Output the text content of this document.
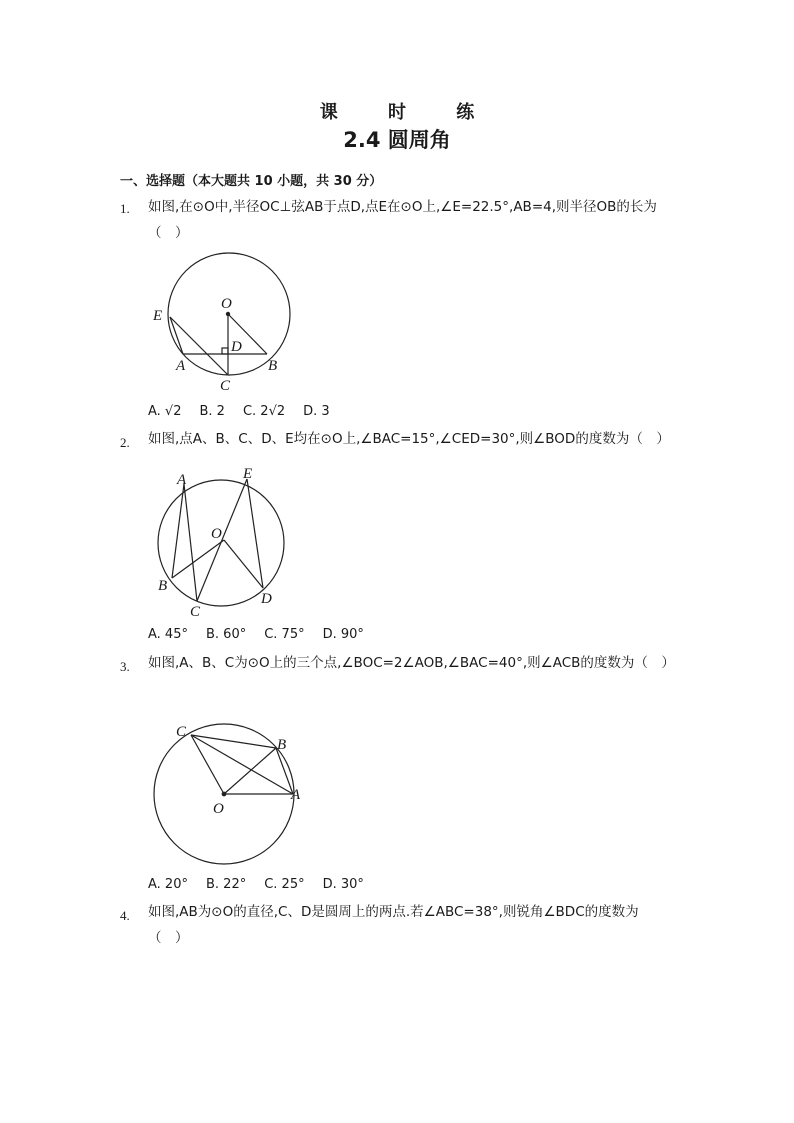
课 时 练
2.4 圆周角
一、选择题（本大题共 10 小题，共 30 分）
1. 如图,在⊙O中,半径OC⊥弦AB于点D,点E在⊙O上,∠E=22.5°,AB=4,则半径OB的长为（　）
O
E
A
D
B
C
A. √2 B. 2 C. 2√2 D. 3
2. 如图,点A、B、C、D、E均在⊙O上,∠BAC=15°,∠CED=30°,则∠BOD的度数为（　）
A	E
O
B
C
D
A. 45° B. 60° C. 75° D. 90°
3. 如图,A、B、C为⊙O上的三个点,∠BOC=2∠AOB,∠BAC=40°,则∠ACB的度数为（　）
C
B
O
A
A. 20° B. 22° C. 25° D. 30°
4. 如图,AB为⊙O的直径,C、D是圆周上的两点.若∠ABC=38°,则锐角∠BDC的度数为（　）
